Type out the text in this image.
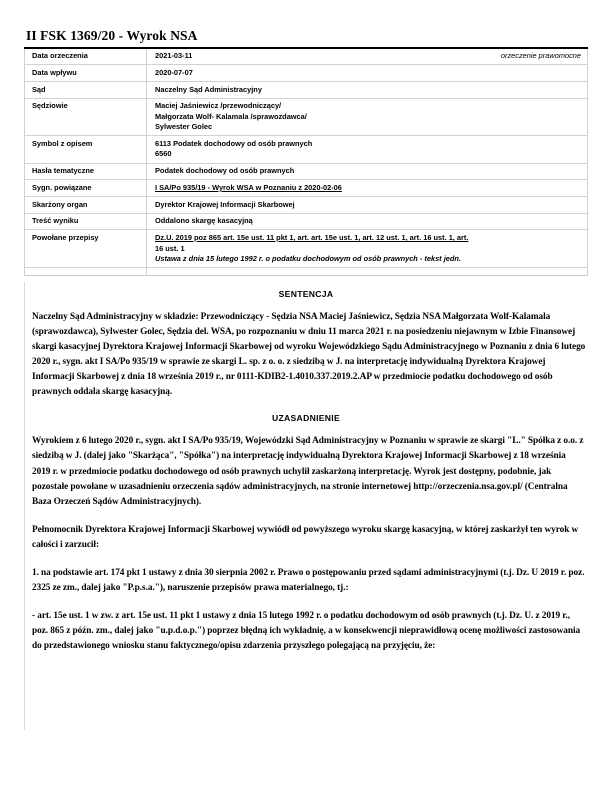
II FSK 1369/20 - Wyrok NSA
Data orzeczenia	2021-03-11 orzeczenie prawomocne

Data wpływu	2020-07-07

Sąd	Naczelny Sąd Administracyjny

Sędziowie	Maciej Jaśniewicz /przewodniczący/
Małgorzata Wolf- Kalamala /sprawozdawca/
Sylwester Golec

Symbol z opisem	6113 Podatek dochodowy od osób prawnych
6560

Hasła tematyczne	Podatek dochodowy od osób prawnych

Sygn. powiązane	I SA/Po 935/19 - Wyrok WSA w Poznaniu z 2020-02-06

Skarżony organ	Dyrektor Krajowej Informacji Skarbowej

Treść wyniku	Oddalono skargę kasacyjną

Powołane przepisy	Dz.U. 2019 poz 865 art. 15e ust. 11 pkt 1, art. art. 15e ust. 1, art. 12 ust. 1, art. 16 ust. 1, art.
16 ust. 1
Ustawa z dnia 15 lutego 1992 r. o podatku dochodowym od osób prawnych - tekst jedn.

SENTENCJA

Naczelny Sąd Administracyjny w składzie: Przewodniczący - Sędzia NSA Maciej Jaśniewicz, Sędzia NSA Małgorzata Wolf-Kalamala (sprawozdawca), Sylwester Golec, Sędzia del. WSA, po rozpoznaniu w dniu 11 marca 2021 r. na posiedzeniu niejawnym w Izbie Finansowej skargi kasacyjnej Dyrektora Krajowej Informacji Skarbowej od wyroku Wojewódzkiego Sądu Administracyjnego w Poznaniu z dnia 6 lutego 2020 r., sygn. akt I SA/Po 935/19 w sprawie ze skargi L. sp. z o. o. z siedzibą w J. na interpretację indywidualną Dyrektora Krajowej Informacji Skarbowej z dnia 18 września 2019 r., nr 0111-KDIB2-1.4010.337.2019.2.AP w przedmiocie podatku dochodowego od osób prawnych oddala skargę kasacyjną.

UZASADNIENIE

Wyrokiem z 6 lutego 2020 r., sygn. akt I SA/Po 935/19, Wojewódzki Sąd Administracyjny w Poznaniu w sprawie ze skargi "L." Spółka z o.o. z siedzibą w J. (dalej jako "Skarżąca", "Spółka") na interpretację indywidualną Dyrektora Krajowej Informacji Skarbowej z 18 września 2019 r. w przedmiocie podatku dochodowego od osób prawnych uchylił zaskarżoną interpretację. Wyrok jest dostępny, podobnie, jak pozostałe powołane w uzasadnieniu orzeczenia sądów administracyjnych, na stronie internetowej http://orzeczenia.nsa.gov.pl/ (Centralna Baza Orzeczeń Sądów Administracyjnych).

Pełnomocnik Dyrektora Krajowej Informacji Skarbowej wywiódł od powyższego wyroku skargę kasacyjną, w której zaskarżył ten wyrok w całości i zarzucił:

1. na podstawie art. 174 pkt 1 ustawy z dnia 30 sierpnia 2002 r. Prawo o postępowaniu przed sądami administracyjnymi (t.j. Dz. U 2019 r. poz. 2325 ze zm., dalej jako "P.p.s.a."), naruszenie przepisów prawa materialnego, tj.:

- art. 15e ust. 1 w zw. z art. 15e ust. 11 pkt 1 ustawy z dnia 15 lutego 1992 r. o podatku dochodowym od osób prawnych (t.j. Dz. U. z 2019 r., poz. 865 z późn. zm., dalej jako "u.p.d.o.p.") poprzez błędną ich wykładnię, a w konsekwencji nieprawidłową ocenę możliwości zastosowania do przedstawionego wniosku stanu faktycznego/opisu zdarzenia przyszłego polegającą na przyjęciu, że:
